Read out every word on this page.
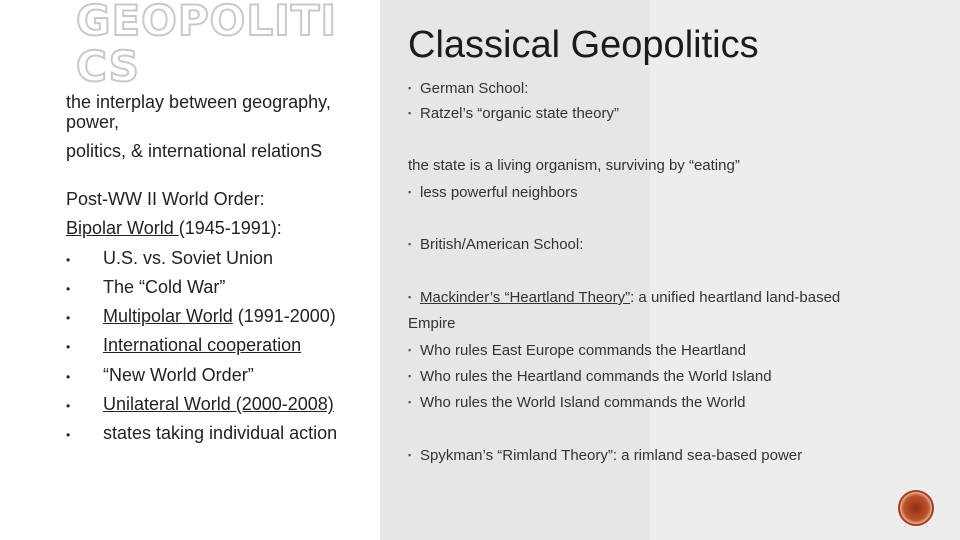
GEOPOLITI
CS
the interplay between geography,
power,
politics, & international relationS
Post-WW II World Order:
Bipolar World (1945-1991):
• U.S. vs. Soviet Union
• The “Cold War”
• Multipolar World (1991-2000)
• International cooperation
• “New World Order”
• Unilateral World (2000-2008)
• states taking individual action
Classical Geopolitics
▪ German School:
▪ Ratzel’s “organic state theory”
the state is a living organism, surviving by “eating”
▪ less powerful neighbors
▪ British/American School:
▪ Mackinder’s “Heartland Theory”: a unified heartland land-based
Empire
▪ Who rules East Europe commands the Heartland
▪ Who rules the Heartland commands the World Island
▪ Who rules the World Island commands the World
▪ Spykman’s “Rimland Theory”: a rimland sea-based power
